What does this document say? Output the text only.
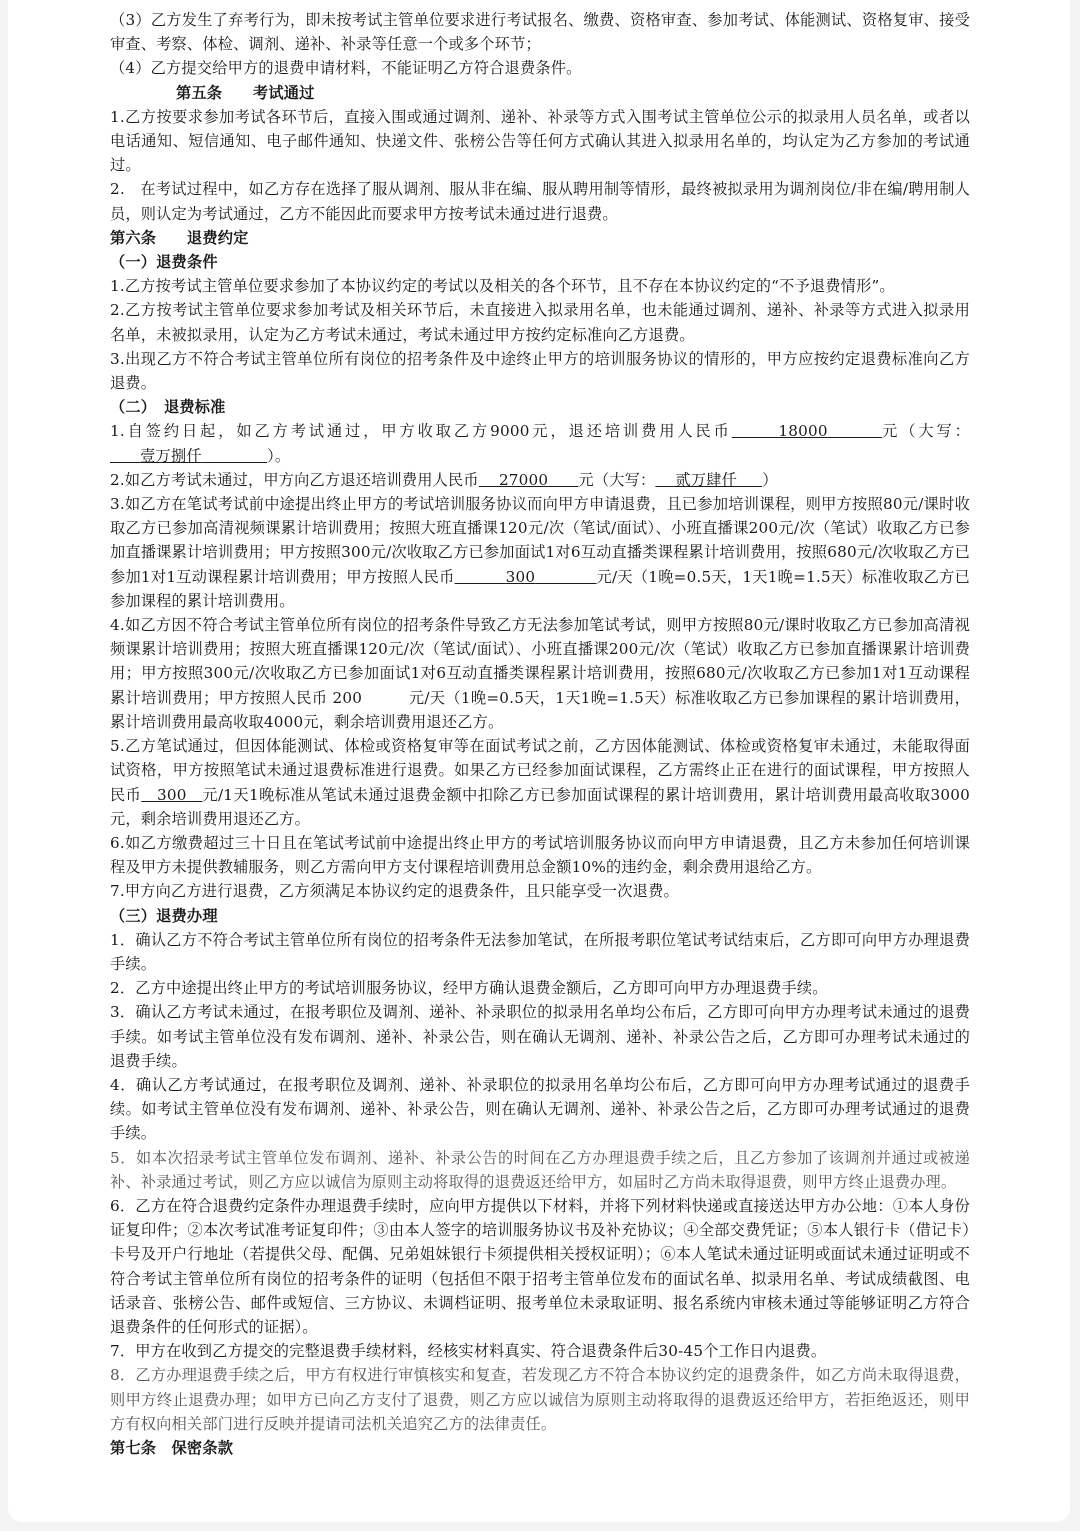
（3）乙方发生了弃考行为，即未按考试主管单位要求进行考试报名、缴费、资格审查、参加考试、体能测试、资格复审、接受审查、考察、体检、调剂、递补、补录等任意一个或多个环节；

（4）乙方提交给甲方的退费申请材料，不能证明乙方符合退费条件。

第五条　　考试通过

1.乙方按要求参加考试各环节后，直接入围或通过调剂、递补、补录等方式入围考试主管单位公示的拟录用人员名单，或者以电话通知、短信通知、电子邮件通知、快递文件、张榜公告等任何方式确认其进入拟录用名单的，均认定为乙方参加的考试通过。

2.　在考试过程中，如乙方存在选择了服从调剂、服从非在编、服从聘用制等情形，最终被拟录用为调剂岗位/非在编/聘用制人员，则认定为考试通过，乙方不能因此而要求甲方按考试未通过进行退费。

第六条　　退费约定

（一）退费条件

1.乙方按考试主管单位要求参加了本协议约定的考试以及相关的各个环节，且不存在本协议约定的“不予退费情形”。

2.乙方按考试主管单位要求参加考试及相关环节后，未直接进入拟录用名单，也未能通过调剂、递补、补录等方式进入拟录用名单，未被拟录用，认定为乙方考试未通过，考试未通过甲方按约定标准向乙方退费。

3.出现乙方不符合考试主管单位所有岗位的招考条件及中途终止甲方的培训服务协议的情形的，甲方应按约定退费标准向乙方退费。

（二）　退费标准

1.自签约日起，如乙方考试通过，甲方收取乙方9000元，退还培训费用人民币	18000	元（大写：      壹万捌仟	）。

2.如乙方考试未通过，甲方向乙方退还培训费用人民币 27000 元（大写： 贰万肆仟 ）

3.如乙方在笔试考试前中途提出终止甲方的考试培训服务协议而向甲方申请退费，且已参加培训课程，则甲方按照80元/课时收取乙方已参加高清视频课累计培训费用；按照大班直播课120元/次（笔试/面试）、小班直播课200元/次（笔试）收取乙方已参加直播课累计培训费用；甲方按照300元/次收取乙方已参加面试1对6互动直播类课程累计培训费用，按照680元/次收取乙方已参加1对1互动课程累计培训费用；甲方按照人民币	300	元/天（1晚=0.5天，1天1晚=1.5天）标准收取乙方已参加课程的累计培训费用。

4.如乙方因不符合考试主管单位所有岗位的招考条件导致乙方无法参加笔试考试，则甲方按照80元/课时收取乙方已参加高清视频课累计培训费用；按照大班直播课120元/次（笔试/面试）、小班直播课200元/次（笔试）收取乙方已参加直播课累计培训费用；甲方按照300元/次收取乙方已参加面试1对6互动直播类课程累计培训费用，按照680元/次收取乙方已参加1对1互动课程累计培训费用；甲方按照人民币 200　　　元/天（1晚=0.5天，1天1晚=1.5天）标准收取乙方已参加课程的累计培训费用，累计培训费用最高收取4000元，剩余培训费用退还乙方。

5.乙方笔试通过，但因体能测试、体检或资格复审等在面试考试之前，乙方因体能测试、体检或资格复审未通过，未能取得面试资格，甲方按照笔试未通过退费标准进行退费。如果乙方已经参加面试课程，乙方需终止正在进行的面试课程，甲方按照人民币 300 元/1天1晚标准从笔试未通过退费金额中扣除乙方已参加面试课程的累计培训费用，累计培训费用最高收取3000元，剩余培训费用退还乙方。

6.如乙方缴费超过三十日且在笔试考试前中途提出终止甲方的考试培训服务协议而向甲方申请退费，且乙方未参加任何培训课程及甲方未提供教辅服务，则乙方需向甲方支付课程培训费用总金额10%的违约金，剩余费用退给乙方。

7.甲方向乙方进行退费，乙方须满足本协议约定的退费条件，且只能享受一次退费。

（三）退费办理

1．确认乙方不符合考试主管单位所有岗位的招考条件无法参加笔试，在所报考职位笔试考试结束后，乙方即可向甲方办理退费手续。

2．乙方中途提出终止甲方的考试培训服务协议，经甲方确认退费金额后，乙方即可向甲方办理退费手续。

3．确认乙方考试未通过，在报考职位及调剂、递补、补录职位的拟录用名单均公布后，乙方即可向甲方办理考试未通过的退费手续。如考试主管单位没有发布调剂、递补、补录公告，则在确认无调剂、递补、补录公告之后，乙方即可办理考试未通过的退费手续。

4．确认乙方考试通过，在报考职位及调剂、递补、补录职位的拟录用名单均公布后，乙方即可向甲方办理考试通过的退费手续。如考试主管单位没有发布调剂、递补、补录公告，则在确认无调剂、递补、补录公告之后，乙方即可办理考试通过的退费手续。

5．如本次招录考试主管单位发布调剂、递补、补录公告的时间在乙方办理退费手续之后，且乙方参加了该调剂并通过或被递补、补录通过考试，则乙方应以诚信为原则主动将取得的退费返还给甲方，如届时乙方尚未取得退费，则甲方终止退费办理。

6．乙方在符合退费约定条件办理退费手续时，应向甲方提供以下材料，并将下列材料快递或直接送达甲方办公地：①本人身份证复印件；②本次考试准考证复印件；③由本人签字的培训服务协议书及补充协议；④全部交费凭证；⑤本人银行卡（借记卡）卡号及开户行地址（若提供父母、配偶、兄弟姐妹银行卡须提供相关授权证明）；⑥本人笔试未通过证明或面试未通过证明或不符合考试主管单位所有岗位的招考条件的证明（包括但不限于招考主管单位发布的面试名单、拟录用名单、考试成绩截图、电话录音、张榜公告、邮件或短信、三方协议、未调档证明、报考单位未录取证明、报名系统内审核未通过等能够证明乙方符合退费条件的任何形式的证据）。

7．甲方在收到乙方提交的完整退费手续材料，经核实材料真实、符合退费条件后30-45个工作日内退费。

8．乙方办理退费手续之后，甲方有权进行审慎核实和复查，若发现乙方不符合本协议约定的退费条件，如乙方尚未取得退费，则甲方终止退费办理；如甲方已向乙方支付了退费，则乙方应以诚信为原则主动将取得的退费返还给甲方，若拒绝返还，则甲方有权向相关部门进行反映并提请司法机关追究乙方的法律责任。

第七条　保密条款
